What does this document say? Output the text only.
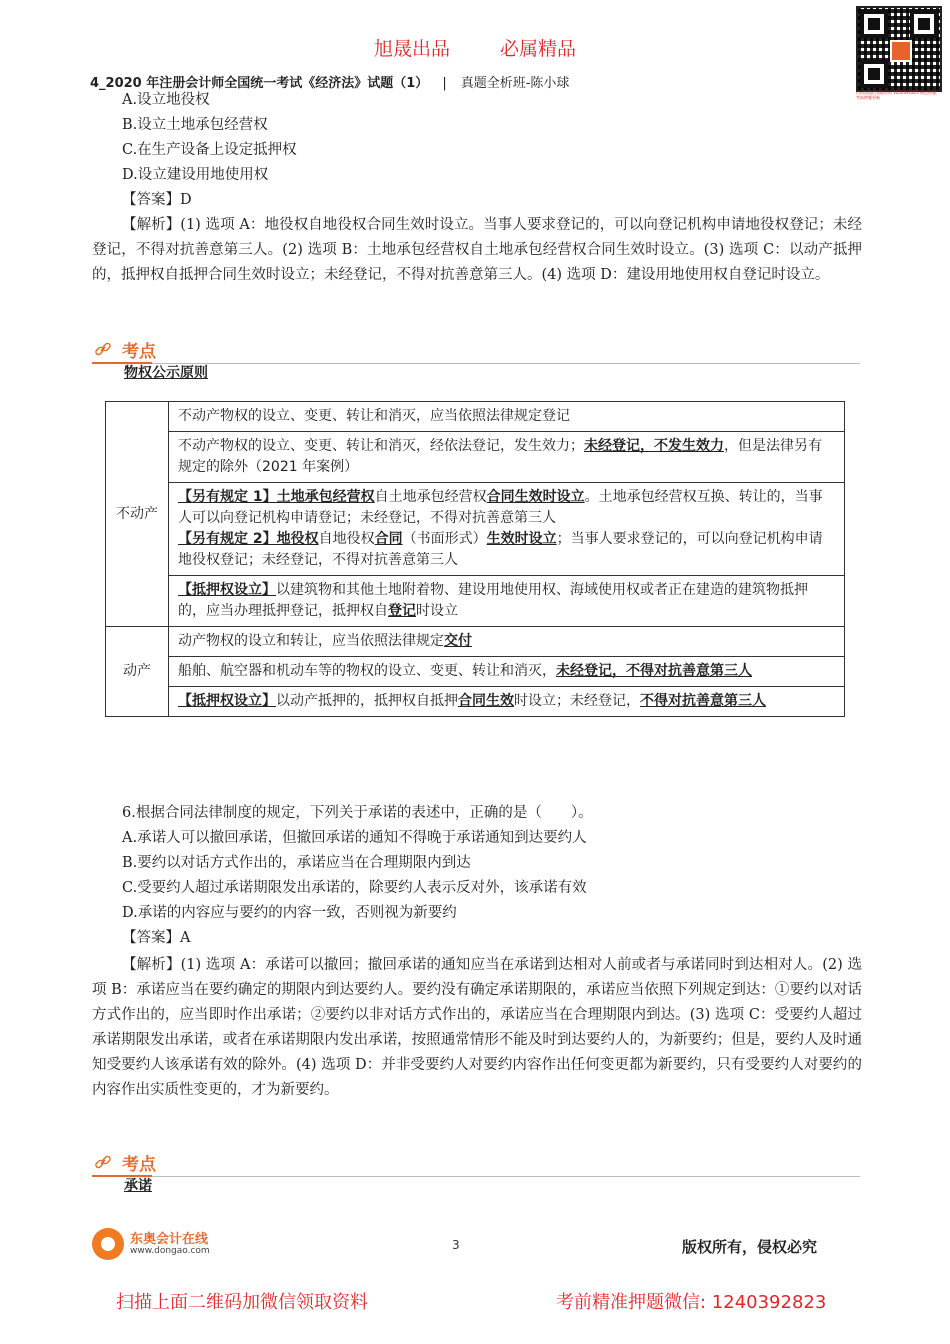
旭晟出品	必属精品
扫码加微信领取资料 1240392823 赠送押题，考前押题更新
4_2020 年注册会计师全国统一考试《经济法》试题（1） | 真题全析班-陈小球
A.设立地役权
B.设立土地承包经营权
C.在生产设备上设定抵押权
D.设立建设用地使用权
【答案】D
【解析】(1) 选项 A：地役权自地役权合同生效时设立。当事人要求登记的，可以向登记机构申请地役权登记；未经登记，不得对抗善意第三人。(2) 选项 B：土地承包经营权自土地承包经营权合同生效时设立。(3) 选项 C：以动产抵押的，抵押权自抵押合同生效时设立；未经登记，不得对抗善意第三人。(4) 选项 D：建设用地使用权自登记时设立。
考点
物权公示原则
不动产	不动产物权的设立、变更、转让和消灭，应当依照法律规定登记
	不动产物权的设立、变更、转让和消灭，经依法登记，发生效力；未经登记，不发生效力，但是法律另有规定的除外（2021 年案例）
	【另有规定 1】土地承包经营权自土地承包经营权合同生效时设立。土地承包经营权互换、转让的，当事人可以向登记机构申请登记；未经登记，不得对抗善意第三人
【另有规定 2】地役权自地役权合同（书面形式）生效时设立；当事人要求登记的，可以向登记机构申请地役权登记；未经登记，不得对抗善意第三人
	【抵押权设立】以建筑物和其他土地附着物、建设用地使用权、海域使用权或者正在建造的建筑物抵押的，应当办理抵押登记，抵押权自登记时设立
动产	动产物权的设立和转让，应当依照法律规定交付
	船舶、航空器和机动车等的物权的设立、变更、转让和消灭，未经登记，不得对抗善意第三人
	【抵押权设立】以动产抵押的，抵押权自抵押合同生效时设立；未经登记，不得对抗善意第三人
6.根据合同法律制度的规定，下列关于承诺的表述中，正确的是（　　）。
A.承诺人可以撤回承诺，但撤回承诺的通知不得晚于承诺通知到达要约人
B.要约以对话方式作出的，承诺应当在合理期限内到达
C.受要约人超过承诺期限发出承诺的，除要约人表示反对外，该承诺有效
D.承诺的内容应与要约的内容一致，否则视为新要约
【答案】A
【解析】(1) 选项 A：承诺可以撤回；撤回承诺的通知应当在承诺到达相对人前或者与承诺同时到达相对人。(2) 选项 B：承诺应当在要约确定的期限内到达要约人。要约没有确定承诺期限的，承诺应当依照下列规定到达：①要约以对话方式作出的，应当即时作出承诺；②要约以非对话方式作出的，承诺应当在合理期限内到达。(3) 选项 C：受要约人超过承诺期限发出承诺，或者在承诺期限内发出承诺，按照通常情形不能及时到达要约人的，为新要约；但是，要约人及时通知受要约人该承诺有效的除外。(4) 选项 D：并非受要约人对要约内容作出任何变更都为新要约，只有受要约人对要约的内容作出实质性变更的，才为新要约。
考点
承诺
东奥会计在线
www.dongao.com	3	版权所有，侵权必究
扫描上面二维码加微信领取资料	考前精准押题微信: 1240392823
